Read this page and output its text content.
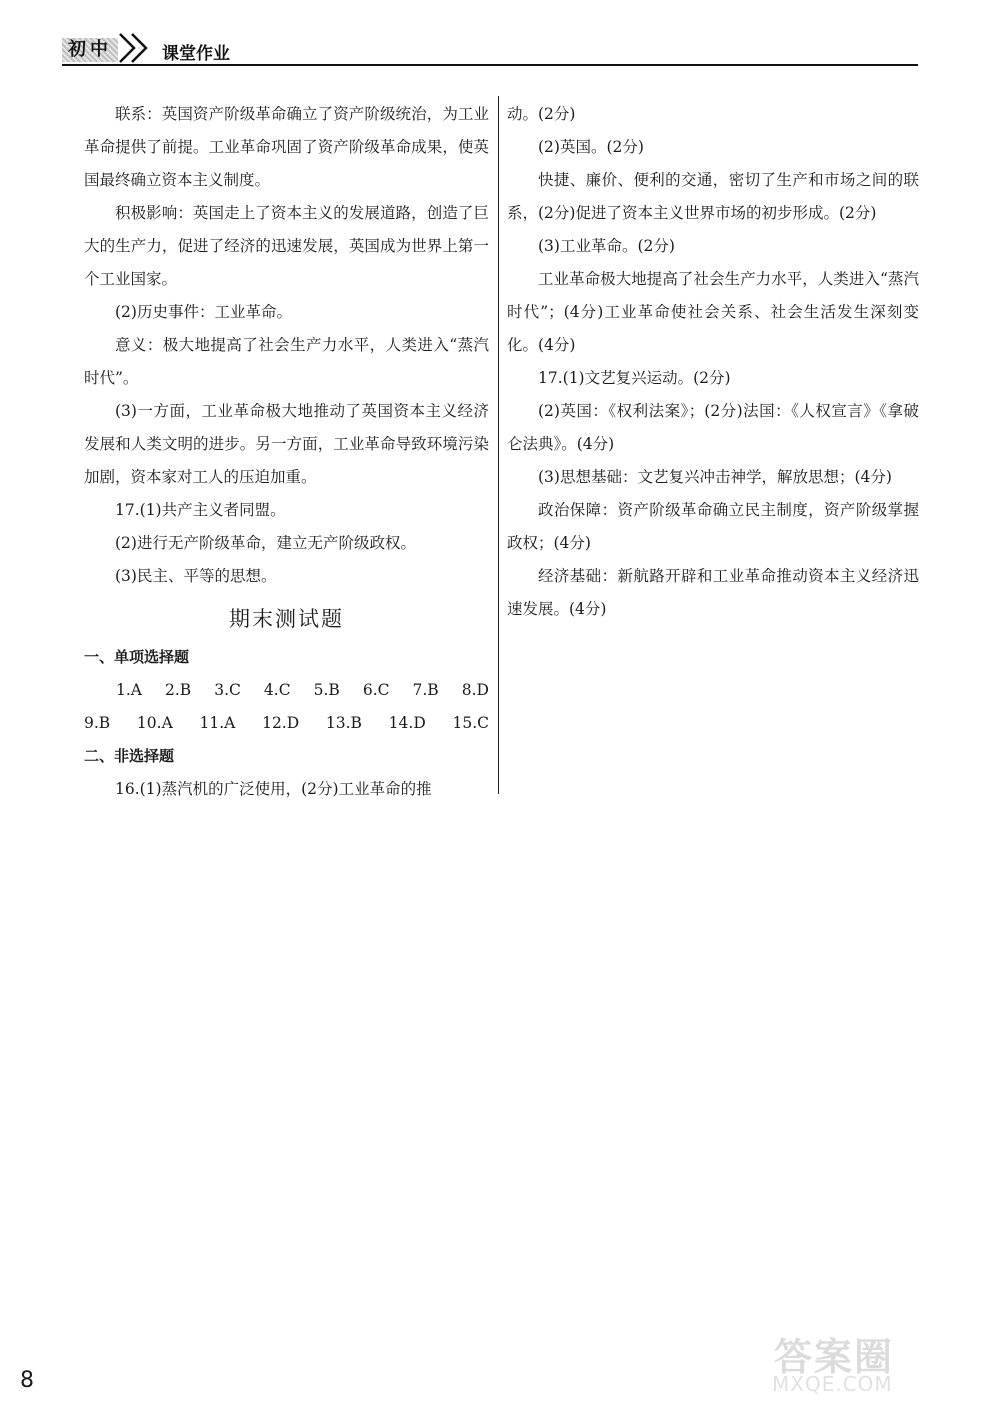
初中	课堂作业

联系：英国资产阶级革命确立了资产阶级统治，为工业革命提供了前提。工业革命巩固了资产阶级革命成果，使英国最终确立资本主义制度。

积极影响：英国走上了资本主义的发展道路，创造了巨大的生产力，促进了经济的迅速发展，英国成为世界上第一个工业国家。

(2)历史事件：工业革命。

意义：极大地提高了社会生产力水平，人类进入“蒸汽时代”。

(3)一方面，工业革命极大地推动了英国资本主义经济发展和人类文明的进步。另一方面，工业革命导致环境污染加剧，资本家对工人的压迫加重。

17.(1)共产主义者同盟。

(2)进行无产阶级革命，建立无产阶级政权。

(3)民主、平等的思想。

期末测试题
一、单项选择题
1.A 2.B 3.C 4.C 5.B 6.C 7.B 8.D
9.B 10.A 11.A 12.D 13.B 14.D 15.C
二、非选择题

16.(1)蒸汽机的广泛使用，(2分)工业革命的推

动。(2分)

(2)英国。(2分)

快捷、廉价、便利的交通，密切了生产和市场之间的联系，(2分)促进了资本主义世界市场的初步形成。(2分)

(3)工业革命。(2分)

工业革命极大地提高了社会生产力水平，人类进入“蒸汽时代”；(4分)工业革命使社会关系、社会生活发生深刻变化。(4分)

17.(1)文艺复兴运动。(2分)

(2)英国：《权利法案》；(2分)法国：《人权宣言》《拿破仑法典》。(4分)

(3)思想基础：文艺复兴冲击神学，解放思想；(4分)

政治保障：资产阶级革命确立民主制度，资产阶级掌握政权；(4分)

经济基础：新航路开辟和工业革命推动资本主义经济迅速发展。(4分)

8
答案圈
MXQE.COM
